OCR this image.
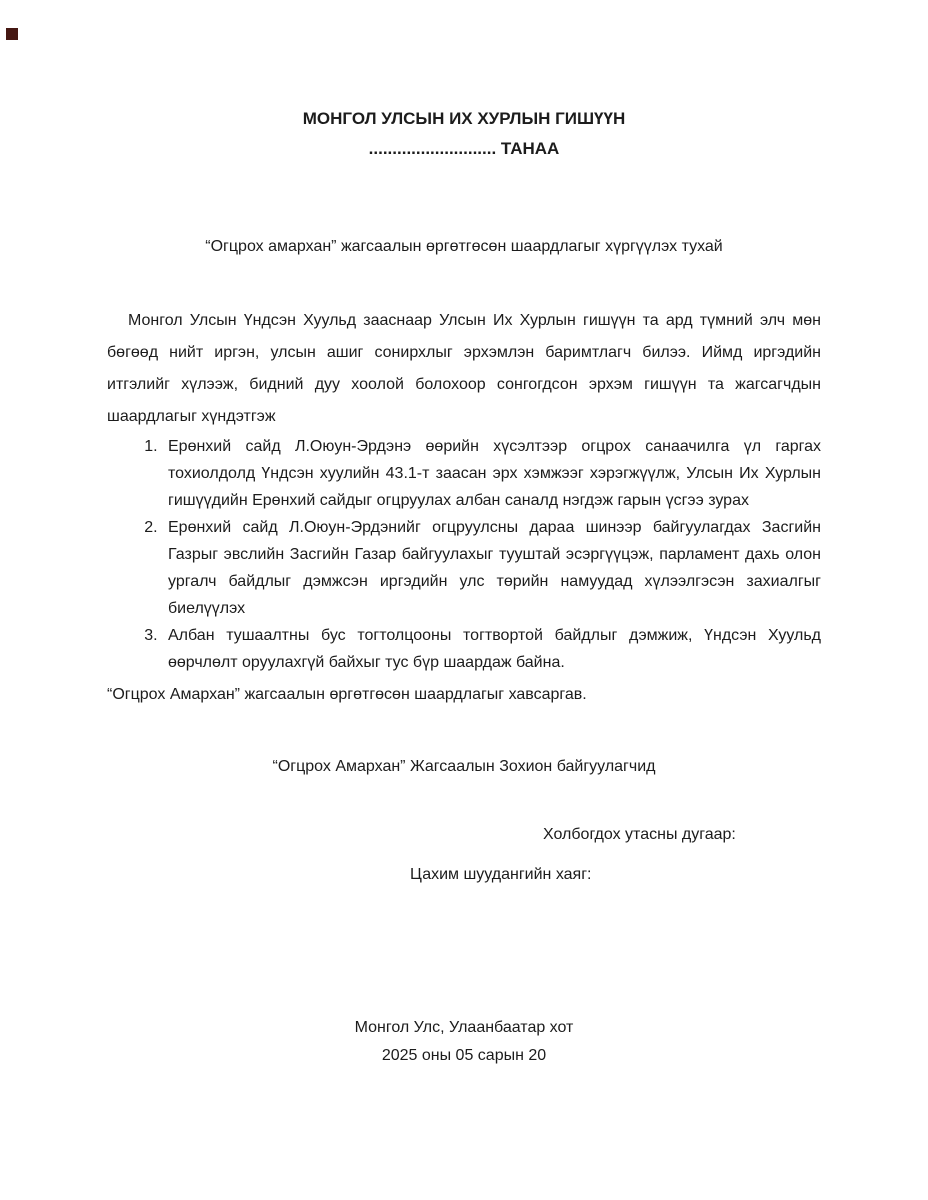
МОНГОЛ УЛСЫН ИХ ХУРЛЫН ГИШҮҮН
........................... ТАНАА

“Огцрох амархан” жагсаалын өргөтгөсөн шаардлагыг хүргүүлэх тухай

Монгол Улсын Үндсэн Хуульд зааснаар Улсын Их Хурлын гишүүн та ард түмний элч мөн бөгөөд нийт иргэн, улсын ашиг сонирхлыг эрхэмлэн баримтлагч билээ. Иймд иргэдийн итгэлийг хүлээж, бидний дуу хоолой болохоор сонгогдсон эрхэм гишүүн та жагсагчдын шаардлагыг хүндэтгэж

1. Ерөнхий сайд Л.Оюун-Эрдэнэ өөрийн хүсэлтээр огцрох санаачилга үл гаргах тохиолдолд Үндсэн хуулийн 43.1-т заасан эрх хэмжээг хэрэгжүүлж, Улсын Их Хурлын гишүүдийн Ерөнхий сайдыг огцруулах албан саналд нэгдэж гарын үсгээ зурах
2. Ерөнхий сайд Л.Оюун-Эрдэнийг огцруулсны дараа шинээр байгуулагдах Засгийн Газрыг эвслийн Засгийн Газар байгуулахыг тууштай эсэргүүцэж, парламент дахь олон ургалч байдлыг дэмжсэн иргэдийн улс төрийн намуудад хүлээлгэсэн захиалгыг биелүүлэх
3. Албан тушаалтны бус тогтолцооны тогтвортой байдлыг дэмжиж, Үндсэн Хуульд өөрчлөлт оруулахгүй байхыг тус бүр шаардаж байна.

“Огцрох Амархан” жагсаалын өргөтгөсөн шаардлагыг хавсаргав.

“Огцрох Амархан” Жагсаалын Зохион байгуулагчид

Холбогдох утасны дугаар:

Цахим шуудангийн хаяг:

Монгол Улс, Улаанбаатар хот

2025 оны 05 сарын 20
